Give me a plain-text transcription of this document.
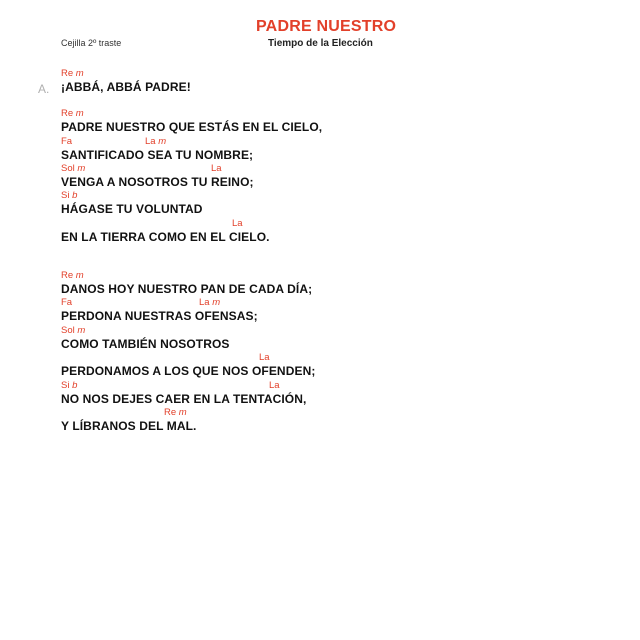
PADRE NUESTRO
Tiempo de la Elección
Cejilla 2º traste
A.
Re m
Re m
Fa	La m
Sol m	La
Si b
La
Re m
Fa	La m
Sol m
La
Si b	La
Re m
¡ABBÁ, ABBÁ PADRE!
PADRE NUESTRO QUE ESTÁS EN EL CIELO,
SANTIFICADO SEA TU NOMBRE;
VENGA A NOSOTROS TU REINO;
HÁGASE TU VOLUNTAD
EN LA TIERRA COMO EN EL CIELO.
DANOS HOY NUESTRO PAN DE CADA DÍA;
PERDONA NUESTRAS OFENSAS;
COMO TAMBIÉN NOSOTROS
PERDONAMOS A LOS QUE NOS OFENDEN;
NO NOS DEJES CAER EN LA TENTACIÓN,
Y LÍBRANOS DEL MAL.
